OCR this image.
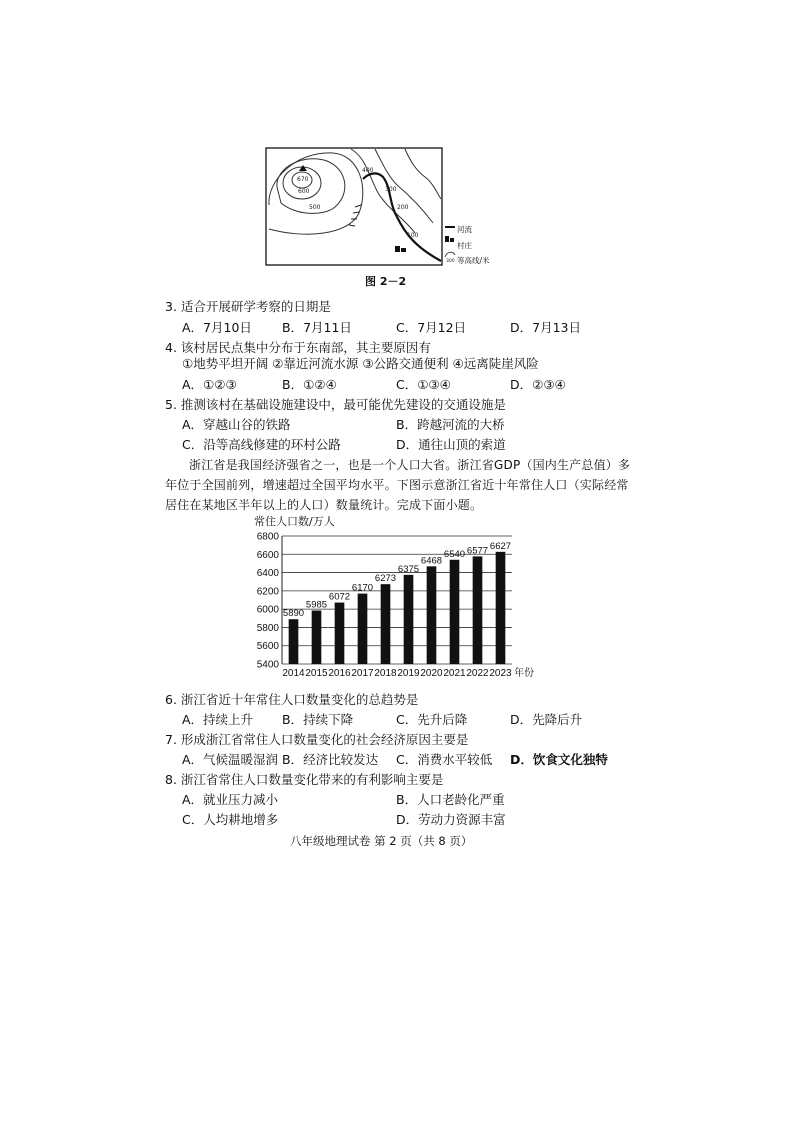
670
600
500
400
300
200
100
300
河流
村庄
等高线/米
图 2－2
3. 适合开展研学考察的日期是
A．7月10日 B．7月11日	C．7月12日	D．7月13日
4. 该村居民点集中分布于东南部，其主要原因有
①地势平坦开阔 ②靠近河流水源 ③公路交通便利 ④远离陡崖风险
A．①②③	B．①②④	C．①③④	D．②③④
5. 推测该村在基础设施建设中，最可能优先建设的交通设施是
A．穿越山谷的铁路	B．跨越河流的大桥
C．沿等高线修建的环村公路	D．通往山顶的索道
浙江省是我国经济强省之一，也是一个人口大省。浙江省GDP（国内生产总值）多年位于全国前列，增速超过全国平均水平。下图示意浙江省近十年常住人口（实际经常居住在某地区半年以上的人口）数量统计。完成下面小题。
常住人口数/万人
5400
5600
5800
6000
6200
6400
6600
6800
5890
2014
5985
2015
6072
2016
6170
2017
6273
2018
6375
2019
6468
2020
6540
2021
6577
2022
6627
2023 年份
6. 浙江省近十年常住人口数量变化的总趋势是
A．持续上升 B．持续下降	C．先升后降	D．先降后升
7. 形成浙江省常住人口数量变化的社会经济原因主要是
A．气候温暖湿润 B．经济比较发达 C．消费水平较低 D．饮食文化独特
8. 浙江省常住人口数量变化带来的有利影响主要是
A．就业压力减小	B．人口老龄化严重
C．人均耕地增多	D．劳动力资源丰富
八年级地理试卷 第 2 页（共 8 页）
